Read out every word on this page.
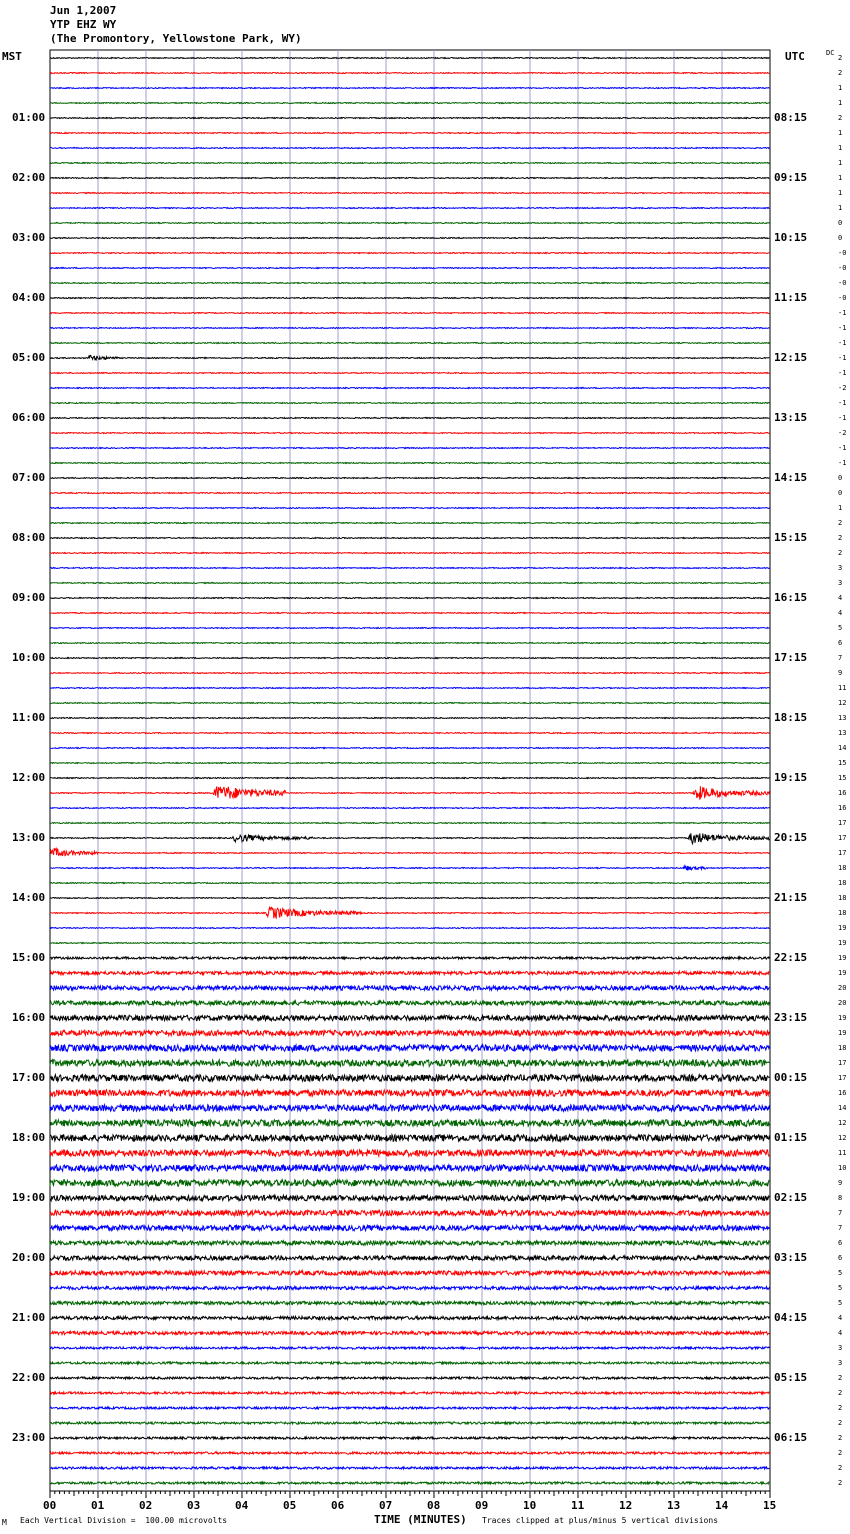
Jun 1,2007
YTP EHZ WY
(The Promontory, Yellowstone Park, WY)
MST	UTC	DC
00	01	02	03	04	05	06	07	08	09	10	11	12	13	14	15
01:00
02:00
03:00
04:00
05:00
06:00
07:00
08:00
09:00
10:00
11:00
12:00
13:00
14:00
15:00
16:00
17:00
18:00
19:00
20:00
21:00
22:00
23:00
08:15
09:15
10:15
11:15
12:15
13:15
14:15
15:15
16:15
17:15
18:15
19:15
20:15
21:15
22:15
23:15
00:15
01:15
02:15
03:15
04:15
05:15
06:15
2
2
1
1
2
1
1
1
1
1
1
0
0
-0
-0
-0
-0
-1
-1
-1
-1
-1
-2
-1
-1
-2
-1
-1
0
0
1
2
2
2
3
3
4
4
5
6
7
9
11
12
13
13
14
15
15
16
16
17
17
17
18
18
18
18
19
19
19
19
20
20
19
19
18
17
17
16
14
12
12
11
10
9
8
7
7
6
6
5
5
5
4
4
3
3
2
2
2
2
2
2
2
2
M Each Vertical Division =  100.00 microvolts	TIME (MINUTES) Traces clipped at plus/minus 5 vertical divisions
